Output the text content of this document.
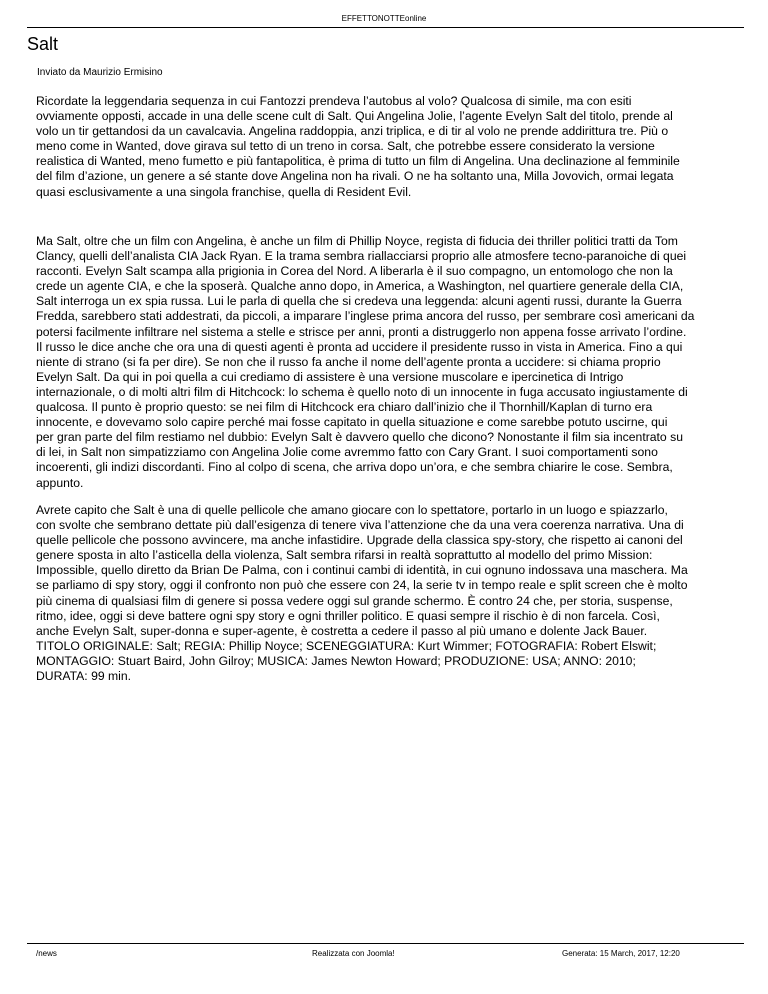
EFFETTONOTTEonline
Salt
Inviato da Maurizio Ermisino

Ricordate la leggendaria sequenza in cui Fantozzi prendeva l’autobus al volo? Qualcosa di simile, ma con esiti
ovviamente opposti, accade in una delle scene cult di Salt. Qui Angelina Jolie, l’agente Evelyn Salt del titolo, prende al
volo un tir gettandosi da un cavalcavia. Angelina raddoppia, anzi triplica, e di tir al volo ne prende addirittura tre. Più o
meno come in Wanted, dove girava sul tetto di un treno in corsa. Salt, che potrebbe essere considerato la versione
realistica di Wanted, meno fumetto e più fantapolitica, è prima di tutto un film di Angelina. Una declinazione al femminile
del film d’azione, un genere a sé stante dove Angelina non ha rivali. O ne ha soltanto una, Milla Jovovich, ormai legata
quasi esclusivamente a una singola franchise, quella di Resident Evil.

Ma Salt, oltre che un film con Angelina, è anche un film di Phillip Noyce, regista di fiducia dei thriller politici tratti da Tom
Clancy, quelli dell’analista CIA Jack Ryan. E la trama sembra riallacciarsi proprio alle atmosfere tecno-paranoiche di quei
racconti. Evelyn Salt scampa alla prigionia in Corea del Nord. A liberarla è il suo compagno, un entomologo che non la
crede un agente CIA, e che la sposerà. Qualche anno dopo, in America, a Washington, nel quartiere generale della CIA,
Salt interroga un ex spia russa. Lui le parla di quella che si credeva una leggenda: alcuni agenti russi, durante la Guerra
Fredda, sarebbero stati addestrati, da piccoli, a imparare l’inglese prima ancora del russo, per sembrare così americani da
potersi facilmente infiltrare nel sistema a stelle e strisce per anni, pronti a distruggerlo non appena fosse arrivato l’ordine.
Il russo le dice anche che ora una di questi agenti è pronta ad uccidere il presidente russo in vista in America. Fino a qui
niente di strano (si fa per dire). Se non che il russo fa anche il nome dell’agente pronta a uccidere: si chiama proprio
Evelyn Salt. Da qui in poi quella a cui crediamo di assistere è una versione muscolare e ipercinetica di Intrigo
internazionale, o di molti altri film di Hitchcock: lo schema è quello noto di un innocente in fuga accusato ingiustamente di
qualcosa. Il punto è proprio questo: se nei film di Hitchcock era chiaro dall’inizio che il Thornhill/Kaplan di turno era
innocente, e dovevamo solo capire perché mai fosse capitato in quella situazione e come sarebbe potuto uscirne, qui
per gran parte del film restiamo nel dubbio: Evelyn Salt è davvero quello che dicono? Nonostante il film sia incentrato su
di lei, in Salt non simpatizziamo con Angelina Jolie come avremmo fatto con Cary Grant. I suoi comportamenti sono
incoerenti, gli indizi discordanti. Fino al colpo di scena, che arriva dopo un’ora, e che sembra chiarire le cose. Sembra,
appunto.

Avrete capito che Salt è una di quelle pellicole che amano giocare con lo spettatore, portarlo in un luogo e spiazzarlo,
con svolte che sembrano dettate più dall’esigenza di tenere viva l’attenzione che da una vera coerenza narrativa. Una di
quelle pellicole che possono avvincere, ma anche infastidire. Upgrade della classica spy-story, che rispetto ai canoni del
genere sposta in alto l’asticella della violenza, Salt sembra rifarsi in realtà soprattutto al modello del primo Mission:
Impossible, quello diretto da Brian De Palma, con i continui cambi di identità, in cui ognuno indossava una maschera. Ma
se parliamo di spy story, oggi il confronto non può che essere con 24, la serie tv in tempo reale e split screen che è molto
più cinema di qualsiasi film di genere si possa vedere oggi sul grande schermo. È contro 24 che, per storia, suspense,
ritmo, idee, oggi si deve battere ogni spy story e ogni thriller politico. E quasi sempre il rischio è di non farcela. Così,
anche Evelyn Salt, super-donna e super-agente, è costretta a cedere il passo al più umano e dolente Jack Bauer.

TITOLO ORIGINALE: Salt; REGIA: Phillip Noyce; SCENEGGIATURA: Kurt Wimmer; FOTOGRAFIA: Robert Elswit;
MONTAGGIO: Stuart Baird, John Gilroy; MUSICA: James Newton Howard; PRODUZIONE: USA; ANNO: 2010;
DURATA: 99 min.

/news	Realizzata con Joomla!	Generata: 15 March, 2017, 12:20
